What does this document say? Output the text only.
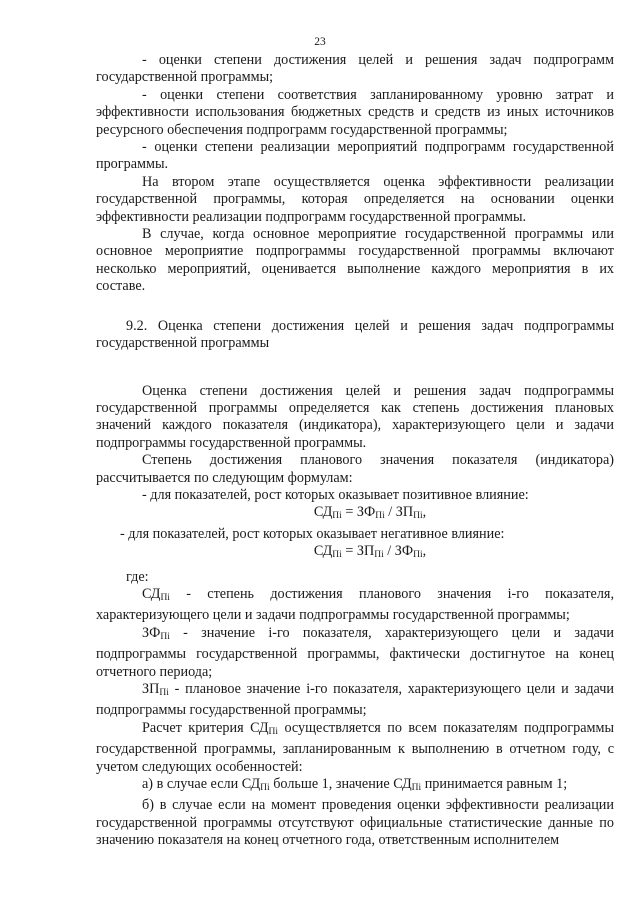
23

- оценки степени достижения целей и решения задач подпрограмм государственной программы;

- оценки степени соответствия запланированному уровню затрат и эффективности использования бюджетных средств и средств из иных источников ресурсного обеспечения подпрограмм государственной программы;

- оценки степени реализации мероприятий подпрограмм государственной программы.

На втором этапе осуществляется оценка эффективности реализации государственной программы, которая определяется на основании оценки эффективности реализации подпрограмм государственной программы.

В случае, когда основное мероприятие государственной программы или основное мероприятие подпрограммы государственной программы включают несколько мероприятий, оценивается выполнение каждого мероприятия в их составе.

9.2. Оценка степени достижения целей и решения задач подпрограммы государственной программы

Оценка степени достижения целей и решения задач подпрограммы государственной программы определяется как степень достижения плановых значений каждого показателя (индикатора), характеризующего цели и задачи подпрограммы государственной программы.

Степень достижения планового значения показателя (индикатора) рассчитывается по следующим формулам:

- для показателей, рост которых оказывает позитивное влияние:

$СД_{Пi} = ЗФ_{Пi} / ЗП_{Пi}$,

- для показателей, рост которых оказывает негативное влияние:

$СД_{Пi} = ЗП_{Пi} / ЗФ_{Пi}$,

где:

$СД_{Пi}$ - степень достижения планового значения i-го показателя, характеризующего цели и задачи подпрограммы государственной программы;

$ЗФ_{Пi}$ - значение i-го показателя, характеризующего цели и задачи подпрограммы государственной программы, фактически достигнутое на конец отчетного периода;

$ЗП_{Пi}$ - плановое значение i-го показателя, характеризующего цели и задачи подпрограммы государственной программы;

Расчет критерия $СД_{Пi}$ осуществляется по всем показателям подпрограммы государственной программы, запланированным к выполнению в отчетном году, с учетом следующих особенностей:

а) в случае если $СД_{Пi}$ больше 1, значение $СД_{Пi}$ принимается равным 1;

б) в случае если на момент проведения оценки эффективности реализации государственной программы отсутствуют официальные статистические данные по значению показателя на конец отчетного года, ответственным исполнителем
